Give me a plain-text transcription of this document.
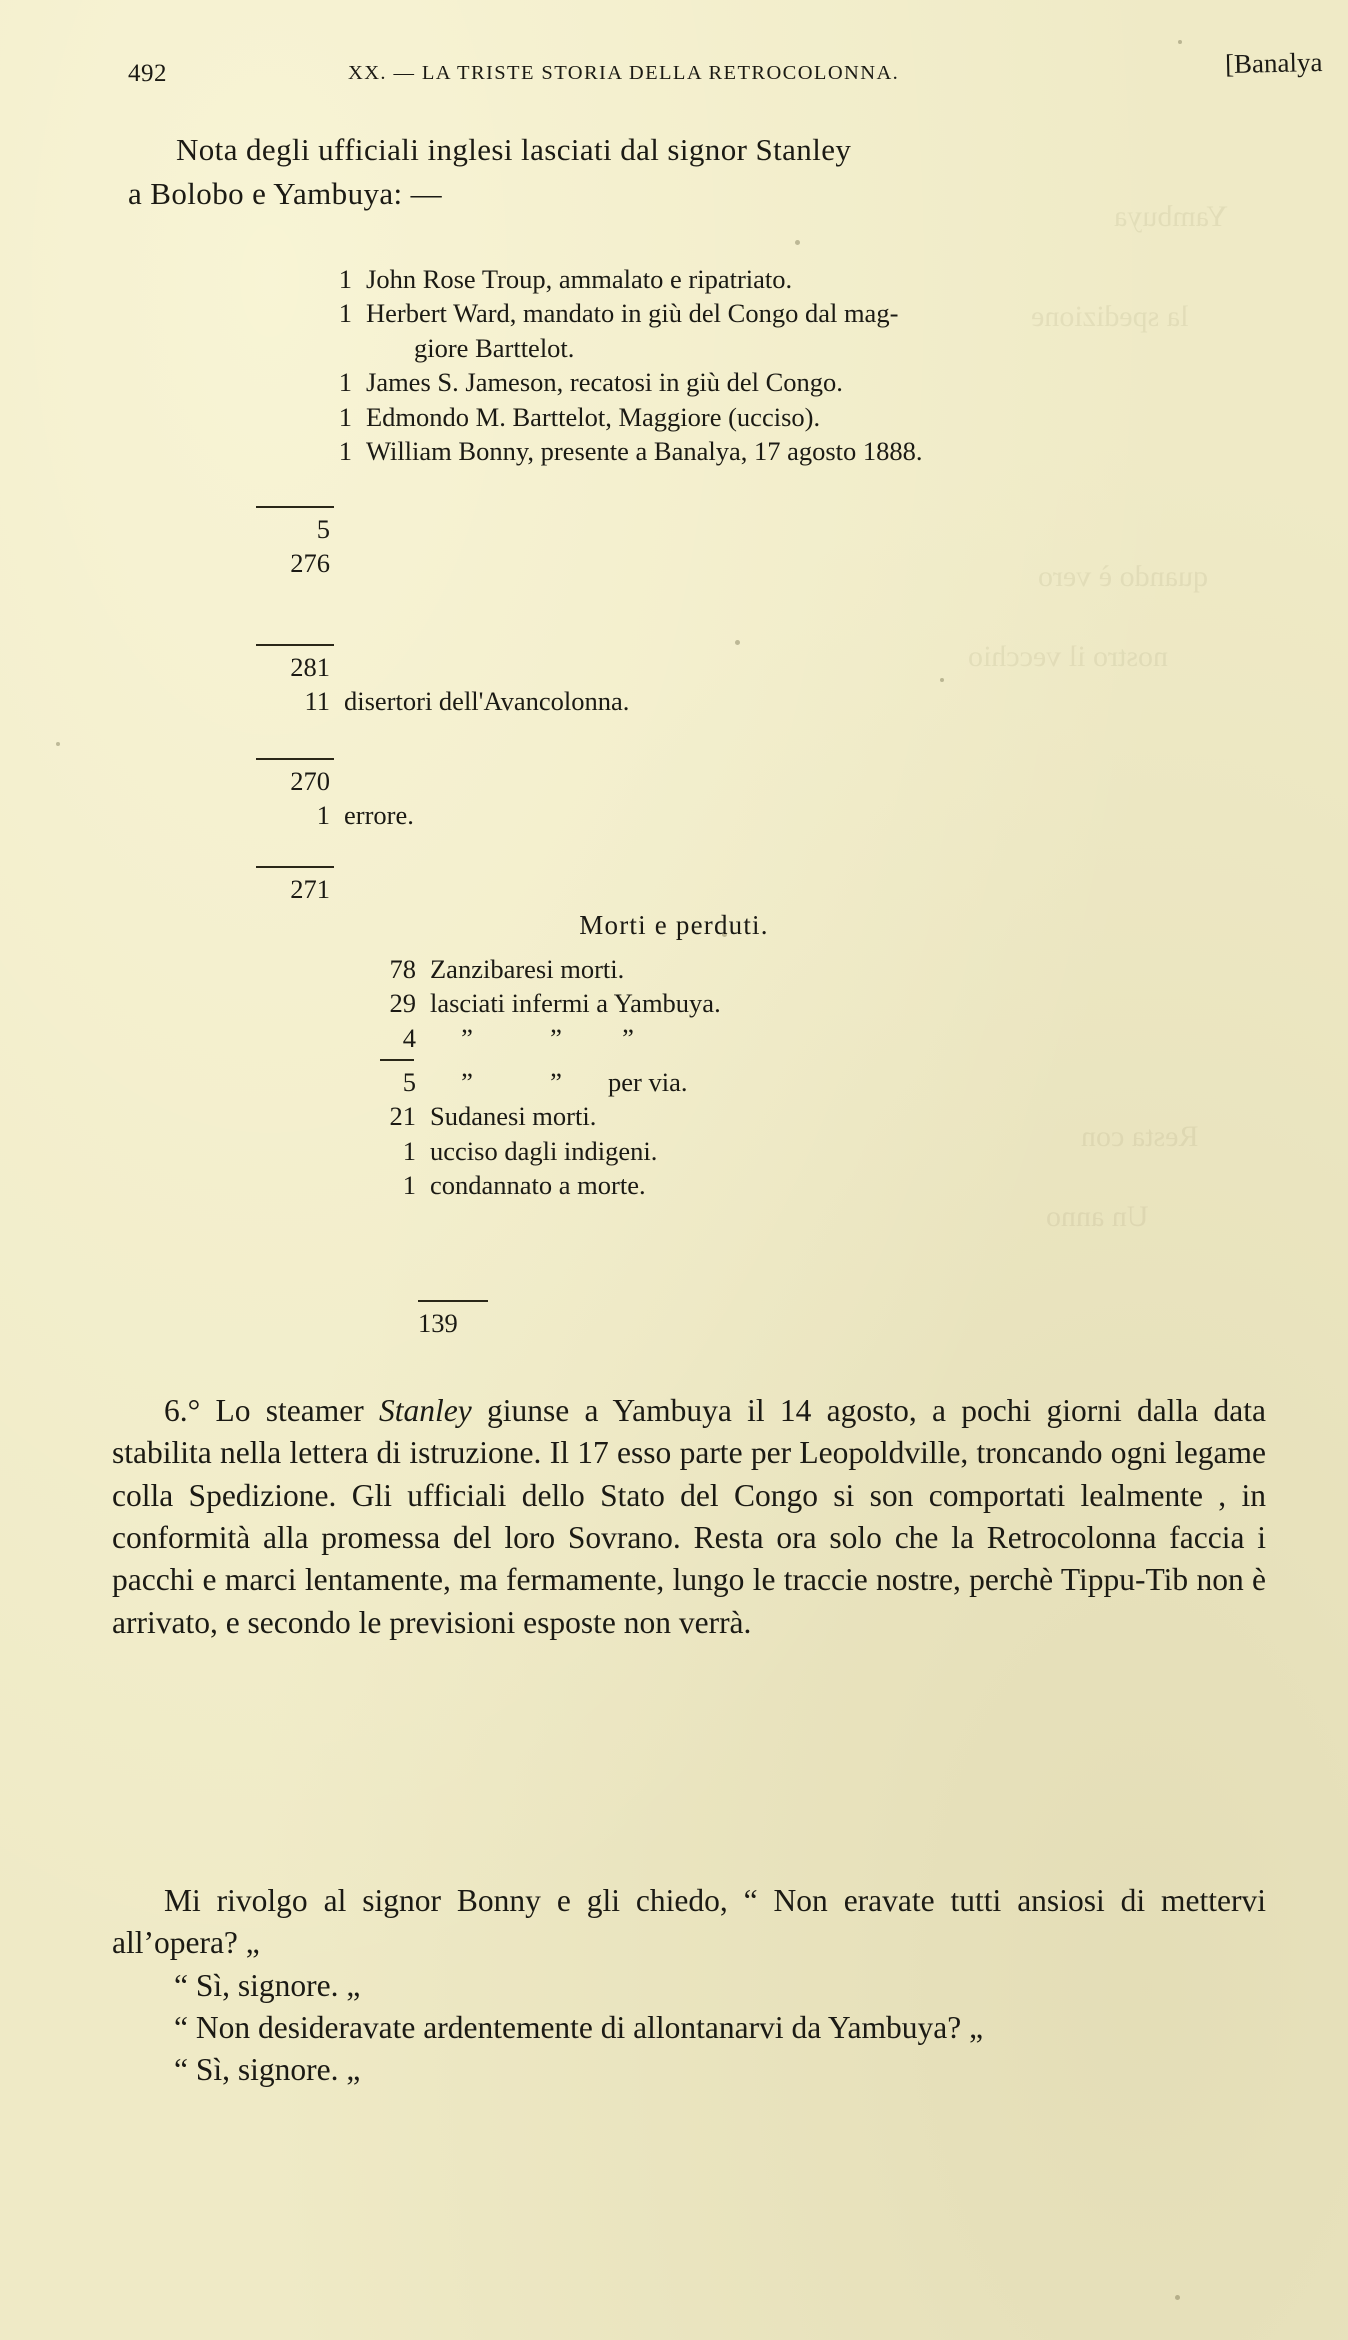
Yambuya
la spedizione
quando è vero
nostro il vecchio
Resta con
Un anno
492	XX. — LA TRISTE STORIA DELLA RETROCOLONNA.	[Banalya
Nota degli ufficiali inglesi lasciati dal signor Stanley
a Bolobo e Yambuya: —
1 John Rose Troup, ammalato e ripatriato.
1 Herbert Ward, mandato in giù del Congo dal mag-
giore Barttelot.
1 James S. Jameson, recatosi in giù del Congo.
1 Edmondo M. Barttelot, Maggiore (ucciso).
1 William Bonny, presente a Banalya, 17 agosto 1888.
5
276
281
11 disertori dell'Avancolonna.
270
1 errore.
271
Morti e perduti.
78 Zanzibaresi morti.
29 lasciati infermi a Yambuya.
4 ”	” ”
5 ”	” per via.
21 Sudanesi morti.
1 ucciso dagli indigeni.
1 condannato a morte.
139

6.° Lo steamer Stanley giunse a Yambuya il 14 agosto, a pochi giorni dalla data stabilita nella lettera di istruzione. Il 17 esso parte per Leopoldville, troncando ogni legame colla Spedizione. Gli ufficiali dello Stato del Congo si son comportati lealmente , in conformità alla promessa del loro Sovrano. Resta ora solo che la Retrocolonna faccia i pacchi e marci lentamente, ma fermamente, lungo le traccie nostre, perchè Tippu-Tib non è arrivato, e secondo le previsioni esposte non verrà.

Mi rivolgo al signor Bonny e gli chiedo, “ Non eravate tutti ansiosi di mettervi all’opera? „

“ Sì, signore. „

“ Non desideravate ardentemente di allontanarvi da Yambuya? „

“ Sì, signore. „
